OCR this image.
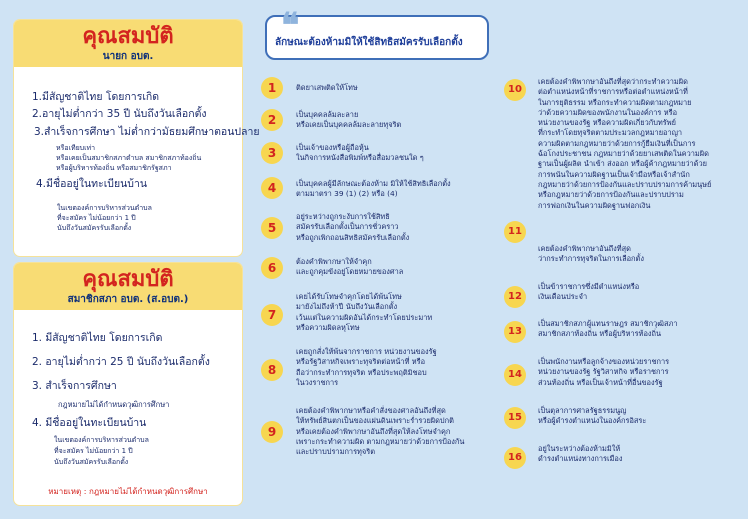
คุณสมบัติ
นายก อบต.
1.มีสัญชาติไทย โดยการเกิด
2.อายุไม่ต่ำกว่า 35 ปี นับถึงวันเลือกตั้ง
3.สำเร็จการศึกษา ไม่ต่ำกว่ามัธยมศึกษาตอนปลาย
หรือเทียบเท่า
หรือเคยเป็นสมาชิกสภาตำบล สมาชิกสภาท้องถิ่น
หรือผู้บริหารท้องถิ่น หรือสมาชิกรัฐสภา
4.มีชื่ออยู่ในทะเบียนบ้าน
ในเขตองค์การบริหารส่วนตำบล
ที่จะสมัคร ไม่น้อยกว่า 1 ปี
นับถึงวันสมัครรับเลือกตั้ง
คุณสมบัติ
สมาชิกสภา อบต. (ส.อบต.)
1. มีสัญชาติไทย โดยการเกิด
2. อายุไม่ต่ำกว่า 25 ปี นับถึงวันเลือกตั้ง
3. สำเร็จการศึกษา
กฎหมายไม่ได้กำหนดวุฒิการศึกษา
4. มีชื่ออยู่ในทะเบียนบ้าน
ในเขตองค์การบริหารส่วนตำบล
ที่จะสมัคร ไม่น้อยกว่า 1 ปี
นับถึงวันสมัครรับเลือกตั้ง
หมายเหตุ : กฎหมายไม่ได้กำหนดวุฒิการศึกษา
❝
ลักษณะต้องห้ามมิให้ใช้สิทธิสมัครรับเลือกตั้ง
1	ติดยาเสพติดให้โทษ
2	เป็นบุคคลล้มละลาย
หรือเคยเป็นบุคคลล้มละลายทุจริต
3	เป็นเจ้าของหรือผู้ถือหุ้น
ในกิจการหนังสือพิมพ์หรือสื่อมวลชนใด ๆ
4	เป็นบุคคลผู้มีลักษณะต้องห้าม มิให้ใช้สิทธิเลือกตั้ง
ตามมาตรา 39 (1) (2) หรือ (4)
5
อยู่ระหว่างถูกระงับการใช้สิทธิ
สมัครรับเลือกตั้งเป็นการชั่วคราว
หรือถูกเพิกถอนสิทธิสมัครรับเลือกตั้ง
6	ต้องคำพิพากษาให้จำคุก
และถูกคุมขังอยู่โดยหมายของศาล
7
เคยได้รับโทษจำคุกโดยได้พ้นโทษ
มายังไม่ถึงห้าปี นับถึงวันเลือกตั้ง
เว้นแต่ในความผิดอันได้กระทำโดยประมาท
หรือความผิดลหุโทษ
8
เคยถูกสั่งให้พ้นจากราชการ หน่วยงานของรัฐ
หรือรัฐวิสาหกิจเพราะทุจริตต่อหน้าที่ หรือ
ถือว่ากระทำการทุจริต หรือประพฤติมิชอบ
ในวงราชการ
9
เคยต้องคำพิพากษาหรือคำสั่งของศาลอันถึงที่สุด
ให้ทรัพย์สินตกเป็นของแผ่นดินเพราะร่ำรวยผิดปกติ
หรือเคยต้องคำพิพากษาอันถึงที่สุดให้ลงโทษจำคุก
เพราะกระทำความผิด ตามกฎหมายว่าด้วยการป้องกัน
และปราบปรามการทุจริต
10
เคยต้องคำพิพากษาอันถึงที่สุดว่ากระทำความผิด
ต่อตำแหน่งหน้าที่ราชการหรือต่อตำแหน่งหน้าที่
ในการยุติธรรม หรือกระทำความผิดตามกฎหมาย
ว่าด้วยความผิดของพนักงานในองค์การ หรือ
หน่วยงานของรัฐ หรือความผิดเกี่ยวกับทรัพย์
ที่กระทำโดยทุจริตตามประมวลกฎหมายอาญา
ความผิดตามกฎหมายว่าด้วยการกู้ยืมเงินที่เป็นการ
ฉ้อโกงประชาชน กฎหมายว่าด้วยยาเสพติดในความผิด
ฐานเป็นผู้ผลิต นำเข้า ส่งออก หรือผู้ค้ากฎหมายว่าด้วย
การพนันในความผิดฐานเป็นเจ้ามือหรือเจ้าสำนัก
กฎหมายว่าด้วยการป้องกันและปราบปรามการค้ามนุษย์
หรือกฎหมายว่าด้วยการป้องกันและปราบปราม
การฟอกเงินในความผิดฐานฟอกเงิน
11
เคยต้องคำพิพากษาอันถึงที่สุด
ว่ากระทำการทุจริตในการเลือกตั้ง
12
เป็นข้าราชการซึ่งมีตำแหน่งหรือ
เงินเดือนประจำ
13
เป็นสมาชิกสภาผู้แทนราษฎร สมาชิกวุฒิสภา
สมาชิกสภาท้องถิ่น หรือผู้บริหารท้องถิ่น
14
เป็นพนักงานหรือลูกจ้างของหน่วยราชการ
หน่วยงานของรัฐ รัฐวิสาหกิจ หรือราชการ
ส่วนท้องถิ่น หรือเป็นเจ้าหน้าที่อื่นของรัฐ
15
เป็นตุลาการศาลรัฐธรรมนูญ
หรือผู้ดำรงตำแหน่งในองค์กรอิสระ
16
อยู่ในระหว่างต้องห้ามมิให้
ดำรงตำแหน่งทางการเมือง
